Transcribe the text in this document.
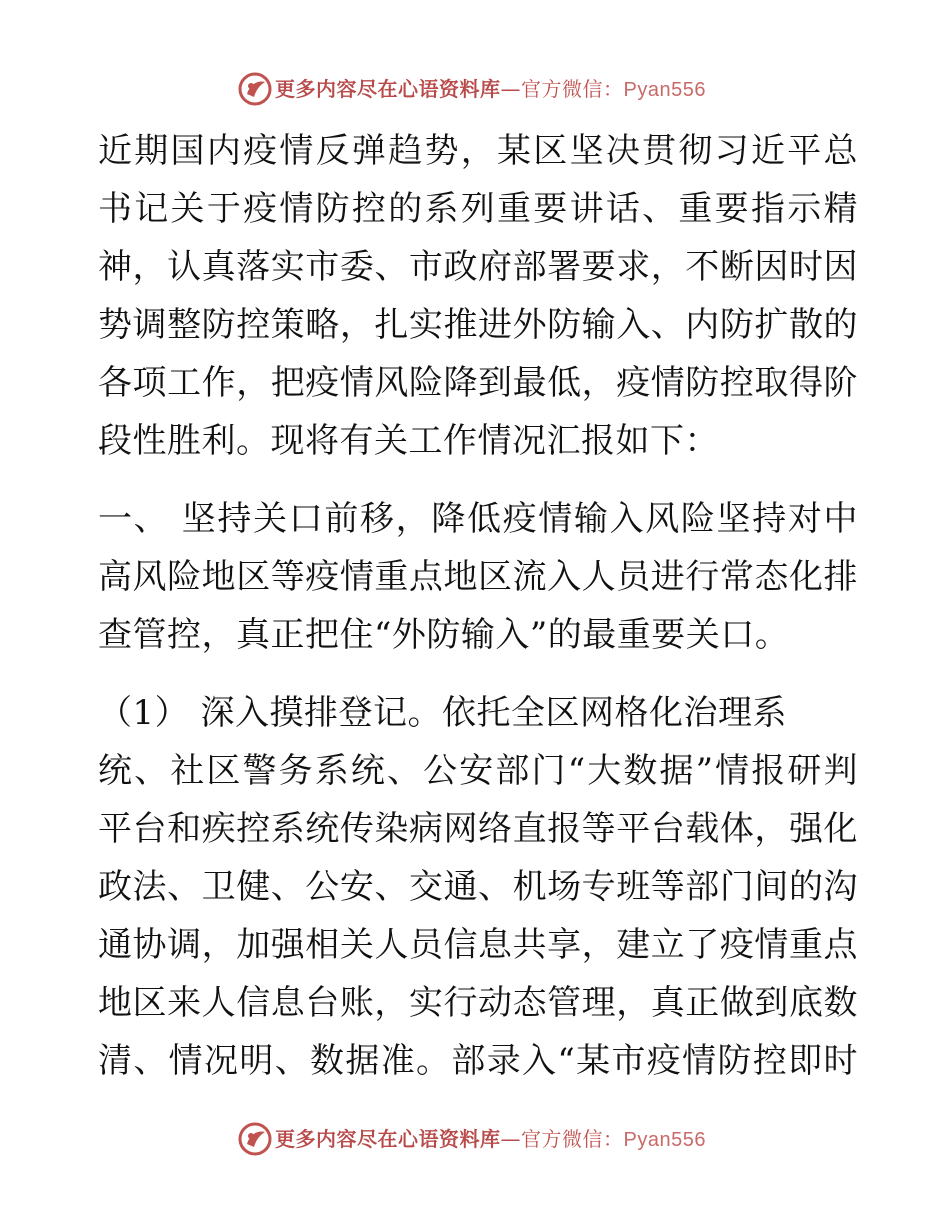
更多内容尽在心语资料库—官方微信：Pyan556
近期国内疫情反弹趋势，某区坚决贯彻习近平总
书记关于疫情防控的系列重要讲话、重要指示精
神，认真落实市委、市政府部署要求，不断因时因
势调整防控策略，扎实推进外防输入、内防扩散的
各项工作，把疫情风险降到最低，疫情防控取得阶
段性胜利。现将有关工作情况汇报如下：
一、 坚持关口前移，降低疫情输入风险坚持对中
高风险地区等疫情重点地区流入人员进行常态化排
查管控，真正把住“外防输入”的最重要关口。
（1） 深入摸排登记。依托全区网格化治理系
统、社区警务系统、公安部门“大数据”情报研判
平台和疾控系统传染病网络直报等平台载体，强化
政法、卫健、公安、交通、机场专班等部门间的沟
通协调，加强相关人员信息共享，建立了疫情重点
地区来人信息台账，实行动态管理，真正做到底数
清、情况明、数据准。部录入“某市疫情防控即时
更多内容尽在心语资料库—官方微信：Pyan556
